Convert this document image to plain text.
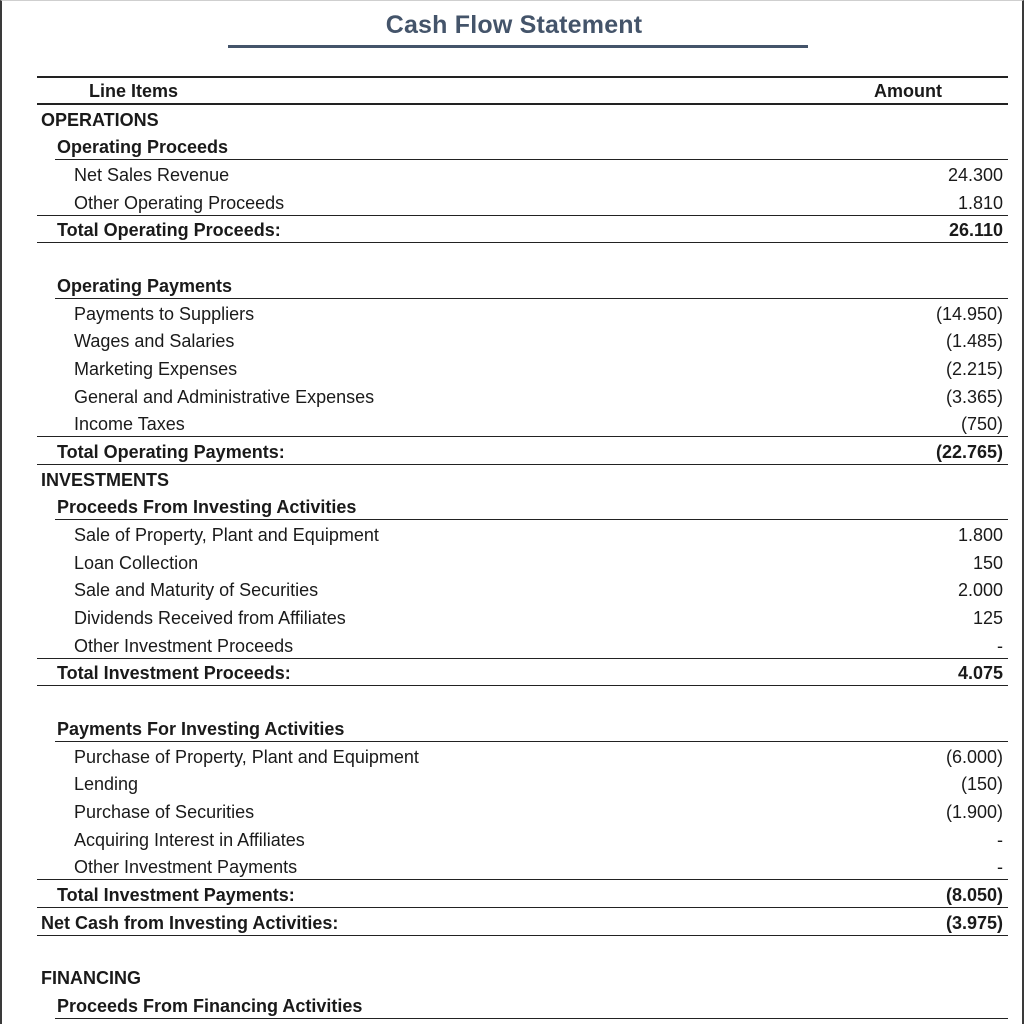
Cash Flow Statement
Line Items	Amount
OPERATIONS
Operating Proceeds
Net Sales Revenue	24.300
Other Operating Proceeds	1.810
Total Operating Proceeds:	26.110
Operating Payments
Payments to Suppliers	(14.950)
Wages and Salaries	(1.485)
Marketing Expenses	(2.215)
General and Administrative Expenses	(3.365)
Income Taxes	(750)
Total Operating Payments:	(22.765)
INVESTMENTS
Proceeds From Investing Activities
Sale of Property, Plant and Equipment	1.800
Loan Collection	150
Sale and Maturity of Securities	2.000
Dividends Received from Affiliates	125
Other Investment Proceeds	-
Total Investment Proceeds:	4.075
Payments For Investing Activities
Purchase of Property, Plant and Equipment	(6.000)
Lending	(150)
Purchase of Securities	(1.900)
Acquiring Interest in Affiliates	-
Other Investment Payments	-
Total Investment Payments:	(8.050)
Net Cash from Investing Activities:	(3.975)
FINANCING
Proceeds From Financing Activities
